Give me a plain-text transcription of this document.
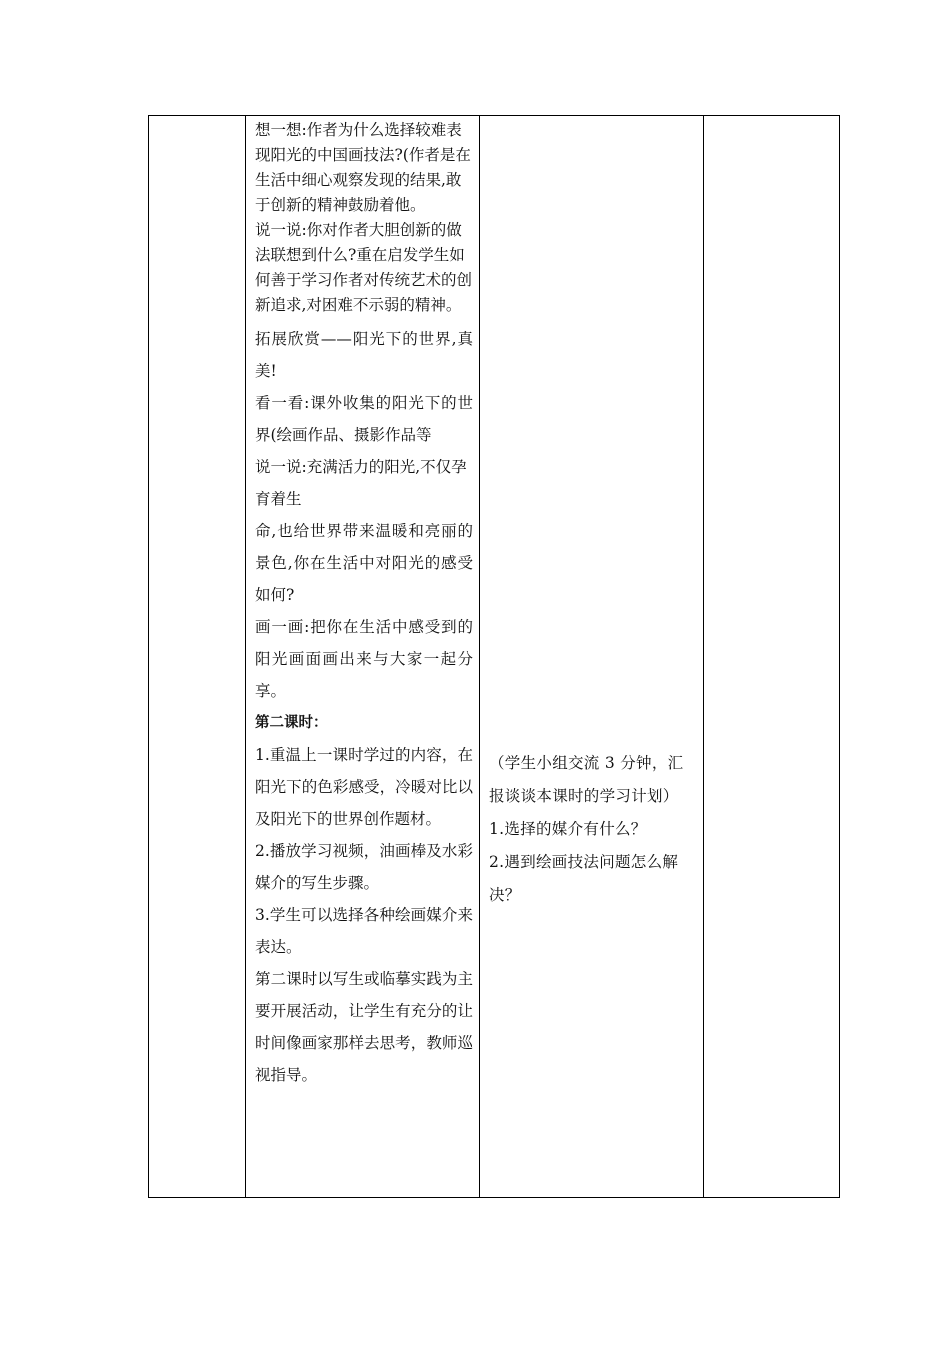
想一想:作者为什么选择较难表现阳光的中国画技法?(作者是在生活中细心观察发现的结果,敢于创新的精神鼓励着他。

说一说:你对作者大胆创新的做法联想到什么?重在启发学生如何善于学习作者对传统艺术的创新追求,对困难不示弱的精神。

拓展欣赏——阳光下的世界,真美!

看一看:课外收集的阳光下的世界(绘画作品、摄影作品等

说一说:充满活力的阳光,不仅孕育着生

命,也给世界带来温暖和亮丽的景色,你在生活中对阳光的感受如何?

画一画:把你在生活中感受到的阳光画面画出来与大家一起分享。

第二课时：

1.重温上一课时学过的内容，在阳光下的色彩感受，冷暖对比以及阳光下的世界创作题材。

2.播放学习视频，油画棒及水彩媒介的写生步骤。

3.学生可以选择各种绘画媒介来表达。

第二课时以写生或临摹实践为主要开展活动，让学生有充分的让时间像画家那样去思考，教师巡视指导。

（学生小组交流 3 分钟，汇报谈谈本课时的学习计划）

1.选择的媒介有什么？

2.遇到绘画技法问题怎么解决？
